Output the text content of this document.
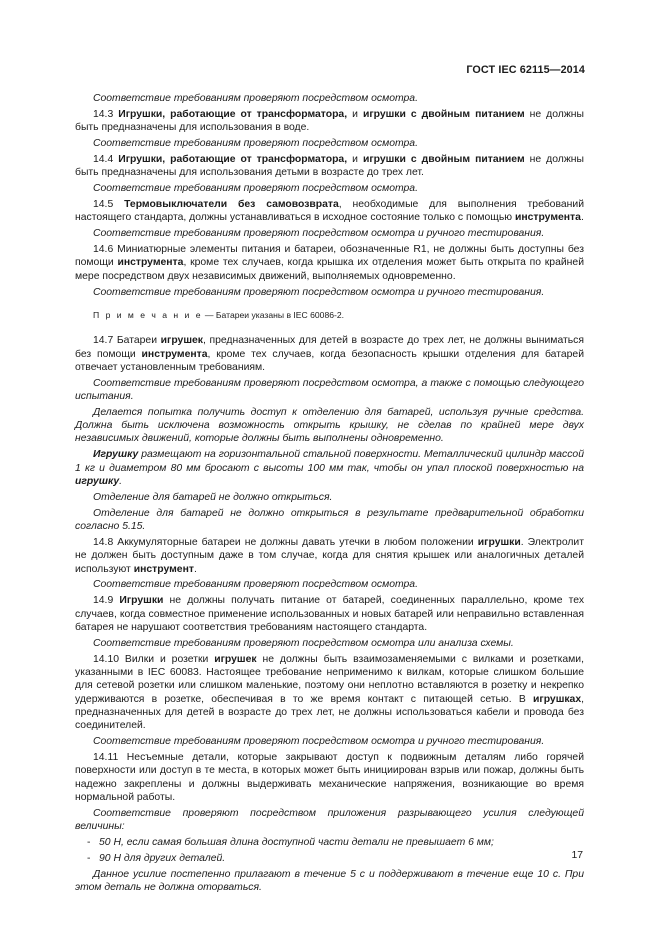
ГОСТ IEC 62115—2014

Соответствие требованиям проверяют посредством осмотра.

14.3 Игрушки, работающие от трансформатора, и игрушки с двойным питанием не должны быть предназначены для использования в воде.

Соответствие требованиям проверяют посредством осмотра.

14.4 Игрушки, работающие от трансформатора, и игрушки с двойным питанием не должны быть предназначены для использования детьми в возрасте до трех лет.

Соответствие требованиям проверяют посредством осмотра.

14.5 Термовыключатели без самовозврата, необходимые для выполнения требований настоящего стандарта, должны устанавливаться в исходное состояние только с помощью инструмента.

Соответствие требованиям проверяют посредством осмотра и ручного тестирования.

14.6 Миниатюрные элементы питания и батареи, обозначенные R1, не должны быть доступны без помощи инструмента, кроме тех случаев, когда крышка их отделения может быть открыта по крайней мере посредством двух независимых движений, выполняемых одновременно.

Соответствие требованиям проверяют посредством осмотра и ручного тестирования.

П р и м е ч а н и е — Батареи указаны в IEC 60086-2.

14.7 Батареи игрушек, предназначенных для детей в возрасте до трех лет, не должны выниматься без помощи инструмента, кроме тех случаев, когда безопасность крышки отделения для батарей отвечает установленным требованиям.

Соответствие требованиям проверяют посредством осмотра, а также с помощью следующего испытания.

Делается попытка получить доступ к отделению для батарей, используя ручные средства. Должна быть исключена возможность открыть крышку, не сделав по крайней мере двух независимых движений, которые должны быть выполнены одновременно.

Игрушку размещают на горизонтальной стальной поверхности. Металлический цилиндр массой 1 кг и диаметром 80 мм бросают с высоты 100 мм так, чтобы он упал плоской поверхностью на игрушку.

Отделение для батарей не должно открыться.

Отделение для батарей не должно открыться в результате предварительной обработки согласно 5.15.

14.8 Аккумуляторные батареи не должны давать утечки в любом положении игрушки. Электролит не должен быть доступным даже в том случае, когда для снятия крышек или аналогичных деталей используют инструмент.

Соответствие требованиям проверяют посредством осмотра.

14.9 Игрушки не должны получать питание от батарей, соединенных параллельно, кроме тех случаев, когда совместное применение использованных и новых батарей или неправильно вставленная батарея не нарушают соответствия требованиям настоящего стандарта.

Соответствие требованиям проверяют посредством осмотра или анализа схемы.

14.10 Вилки и розетки игрушек не должны быть взаимозаменяемыми с вилками и розетками, указанными в IEC 60083. Настоящее требование неприменимо к вилкам, которые слишком большие для сетевой розетки или слишком маленькие, поэтому они неплотно вставляются в розетку и некрепко удерживаются в розетке, обеспечивая в то же время контакт с питающей сетью. В игрушках, предназначенных для детей в возрасте до трех лет, не должны использоваться кабели и провода без соединителей.

Соответствие требованиям проверяют посредством осмотра и ручного тестирования.

14.11 Несъемные детали, которые закрывают доступ к подвижным деталям либо горячей поверхности или доступ в те места, в которых может быть инициирован взрыв или пожар, должны быть надежно закреплены и должны выдерживать механические напряжения, возникающие во время нормальной работы.

Соответствие проверяют посредством приложения разрывающего усилия следующей величины:

- 50 Н, если самая большая длина доступной части детали не превышает 6 мм;

- 90 Н для других деталей.

Данное усилие постепенно прилагают в течение 5 с и поддерживают в течение еще 10 с. При этом деталь не должна оторваться.

17
